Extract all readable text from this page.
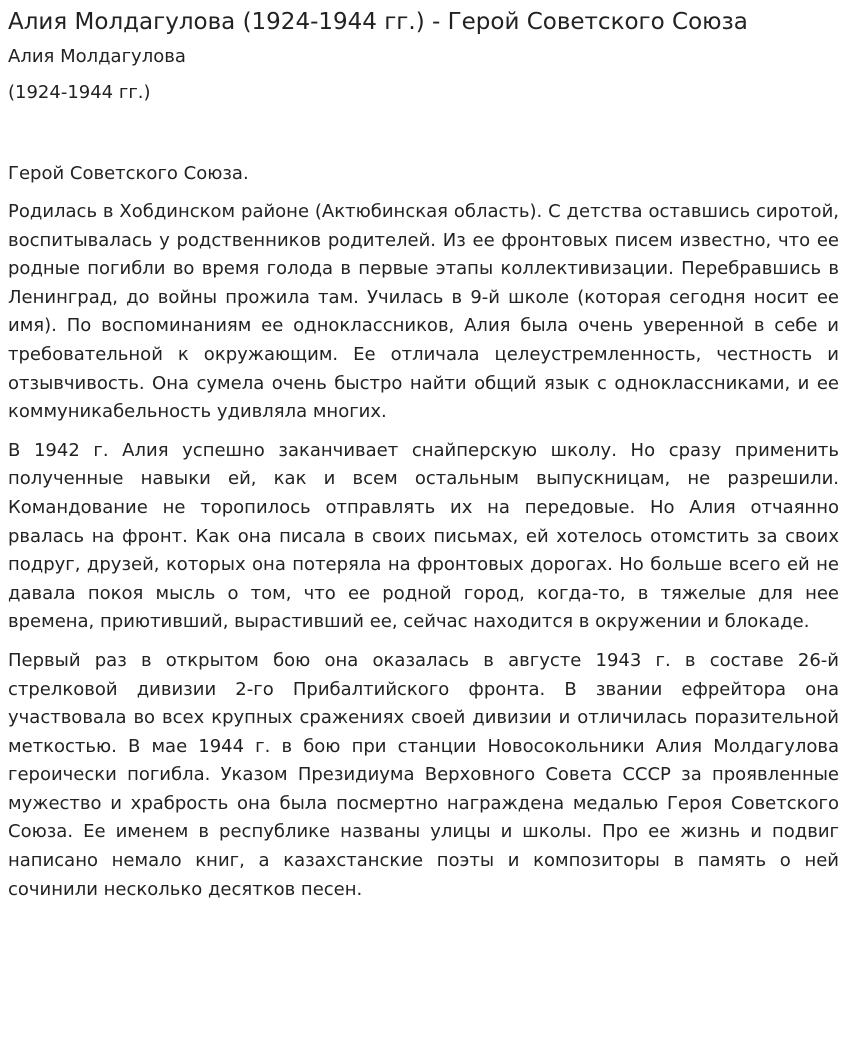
Алия Молдагулова (1924-1944 гг.) - Герой Советского Союза

Алия Молдагулова

(1924-1944 гг.)

Герой Советского Союза.

Родилась в Хобдинском районе (Актюбинская область). С детства оставшись сиротой, воспитывалась у родственников родителей. Из ее фронтовых писем известно, что ее родные погибли во время голода в первые этапы коллективизации. Перебравшись в Ленинград, до войны прожила там. Училась в 9-й школе (которая сегодня носит ее имя). По воспоминаниям ее одноклассников, Алия была очень уверенной в себе и требовательной к окружающим. Ее отличала целеустремленность, честность и отзывчивость. Она сумела очень быстро найти общий язык с одноклассниками, и ее коммуникабельность удивляла многих.

В 1942 г. Алия успешно заканчивает снайперскую школу. Но сразу применить полученные навыки ей, как и всем остальным выпускницам, не разрешили. Командование не торопилось отправлять их на передовые. Но Алия отчаянно рвалась на фронт. Как она писала в своих письмах, ей хотелось отомстить за своих подруг, друзей, которых она потеряла на фронтовых дорогах. Но больше всего ей не давала покоя мысль о том, что ее родной город, когда-то, в тяжелые для нее времена, приютивший, вырастивший ее, сейчас находится в окружении и блокаде.

Первый раз в открытом бою она оказалась в августе 1943 г. в составе 26-й стрелковой дивизии 2-го Прибалтийского фронта. В звании ефрейтора она участвовала во всех крупных сражениях своей дивизии и отличилась поразительной меткостью. В мае 1944 г. в бою при станции Новосокольники Алия Молдагулова героически погибла. Указом Президиума Верховного Совета СССР за проявленные мужество и храбрость она была посмертно награждена медалью Героя Советского Союза. Ее именем в республике названы улицы и школы. Про ее жизнь и подвиг написано немало книг, а казахстанские поэты и композиторы в память о ней сочинили несколько десятков песен.
